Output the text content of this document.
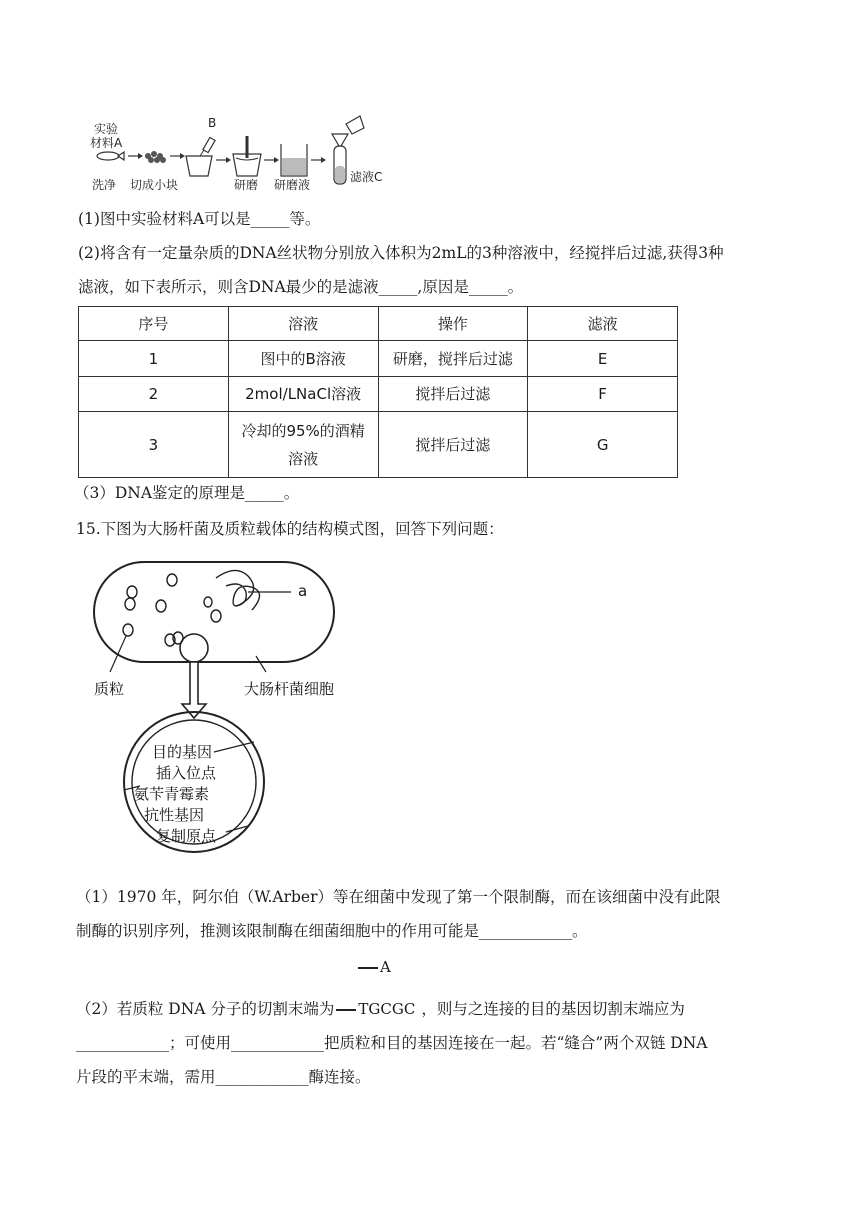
实验
材料A
B
洗净 切成小块	研磨 研磨液
滤液C
(1)图中实验材料A可以是_____等。
(2)将含有一定量杂质的DNA丝状物分别放入体积为2mL的3种溶液中，经搅拌后过滤,获得3种
滤液，如下表所示，则含DNA最少的是滤液_____,原因是_____。
序号	溶液	操作	滤液
1	图中的B溶液	研磨，搅拌后过滤	E
2	2mol/LNaCl溶液	搅拌后过滤	F
3	冷却的95%的酒精
溶液	搅拌后过滤	G
（3）DNA鉴定的原理是_____。
15.下图为大肠杆菌及质粒载体的结构模式图，回答下列问题：
a
质粒	大肠杆菌细胞
目的基因
插入位点
氨苄青霉素
抗性基因
复制原点
（1）1970 年，阿尔伯（W.Arber）等在细菌中发现了第一个限制酶，而在该细菌中没有此限
制酶的识别序列，推测该限制酶在细菌细胞中的作用可能是____________。
A
（2）若质粒 DNA 分子的切割末端为 TGCGC ，则与之连接的目的基因切割末端应为
____________；可使用____________把质粒和目的基因连接在一起。若“缝合”两个双链 DNA
片段的平末端，需用____________酶连接。
